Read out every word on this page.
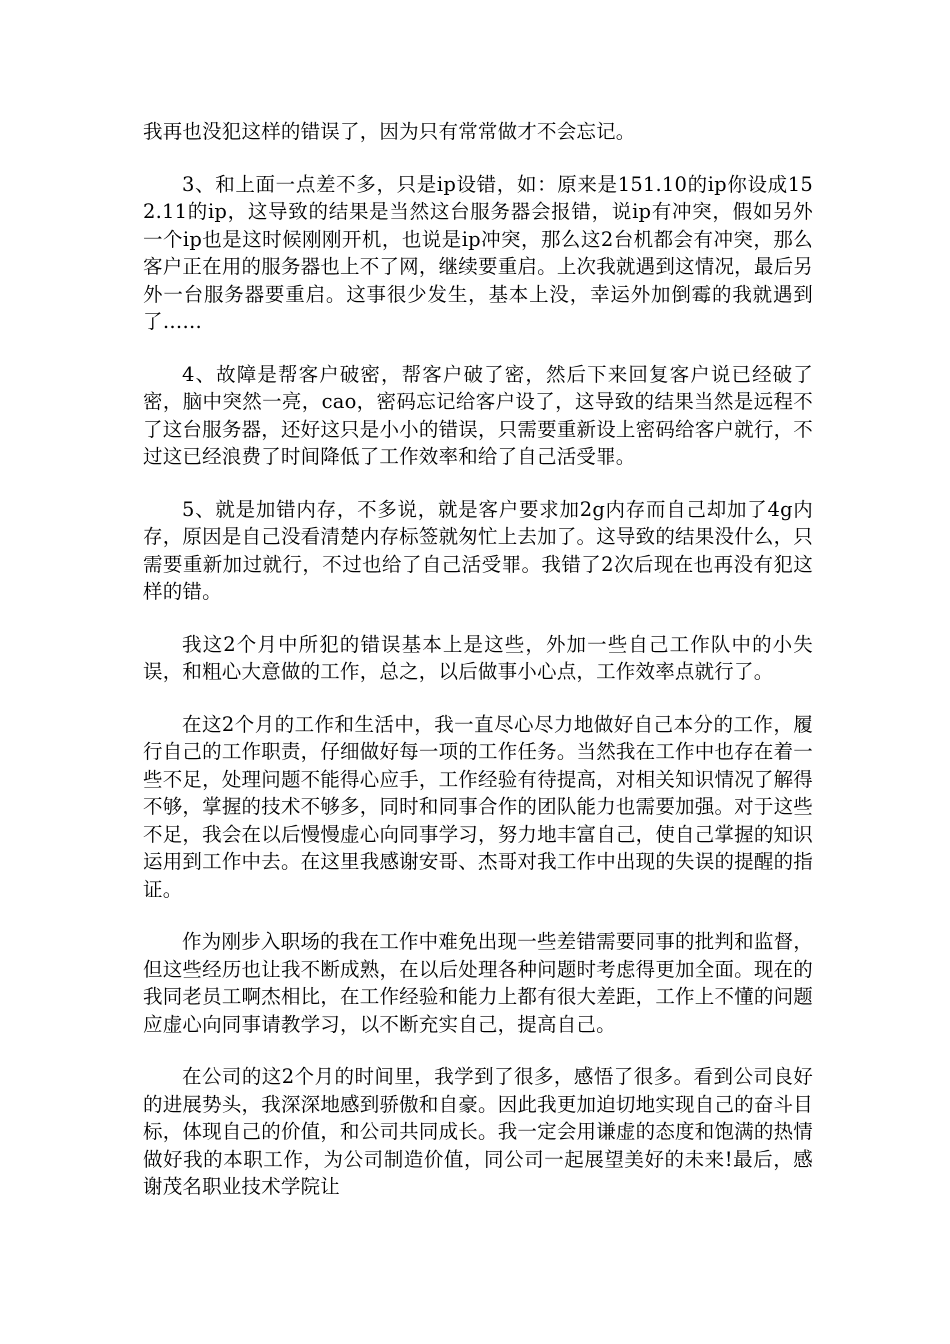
我再也没犯这样的错误了，因为只有常常做才不会忘记。

3、和上面一点差不多，只是ip设错，如：原来是151.10的ip你设成152.11的ip，这导致的结果是当然这台服务器会报错，说ip有冲突，假如另外一个ip也是这时候刚刚开机，也说是ip冲突，那么这2台机都会有冲突，那么客户正在用的服务器也上不了网，继续要重启。上次我就遇到这情况，最后另外一台服务器要重启。这事很少发生，基本上没，幸运外加倒霉的我就遇到了……

4、故障是帮客户破密，帮客户破了密，然后下来回复客户说已经破了密，脑中突然一亮，cao，密码忘记给客户设了，这导致的结果当然是远程不了这台服务器，还好这只是小小的错误，只需要重新设上密码给客户就行，不过这已经浪费了时间降低了工作效率和给了自己活受罪。

5、就是加错内存，不多说，就是客户要求加2g内存而自己却加了4g内存，原因是自己没看清楚内存标签就匆忙上去加了。这导致的结果没什么，只需要重新加过就行，不过也给了自己活受罪。我错了2次后现在也再没有犯这样的错。

我这2个月中所犯的错误基本上是这些，外加一些自己工作队中的小失误，和粗心大意做的工作，总之，以后做事小心点，工作效率点就行了。

在这2个月的工作和生活中，我一直尽心尽力地做好自己本分的工作，履行自己的工作职责，仔细做好每一项的工作任务。当然我在工作中也存在着一些不足，处理问题不能得心应手，工作经验有待提高，对相关知识情况了解得不够，掌握的技术不够多，同时和同事合作的团队能力也需要加强。对于这些不足，我会在以后慢慢虚心向同事学习，努力地丰富自己，使自己掌握的知识运用到工作中去。在这里我感谢安哥、杰哥对我工作中出现的失误的提醒的指证。

作为刚步入职场的我在工作中难免出现一些差错需要同事的批判和监督，但这些经历也让我不断成熟，在以后处理各种问题时考虑得更加全面。现在的我同老员工啊杰相比，在工作经验和能力上都有很大差距，工作上不懂的问题应虚心向同事请教学习，以不断充实自己，提高自己。

在公司的这2个月的时间里，我学到了很多，感悟了很多。看到公司良好的进展势头，我深深地感到骄傲和自豪。因此我更加迫切地实现自己的奋斗目标，体现自己的价值，和公司共同成长。我一定会用谦虚的态度和饱满的热情做好我的本职工作，为公司制造价值，同公司一起展望美好的未来!最后，感谢茂名职业技术学院让
